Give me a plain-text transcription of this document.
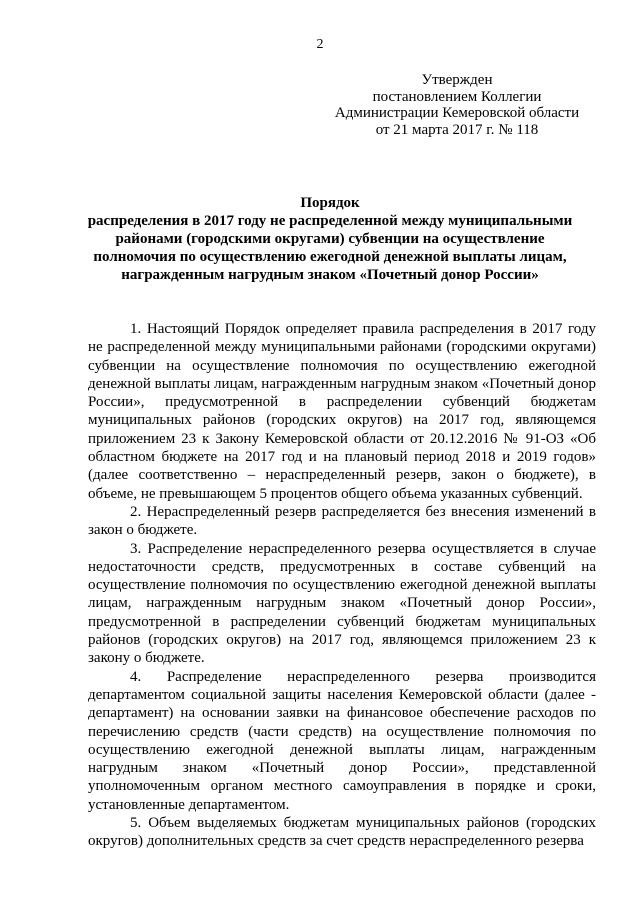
2
Утвержден
постановлением Коллегии
Администрации Кемеровской области
от 21 марта 2017 г. № 118
Порядок
распределения в 2017 году не распределенной между муниципальными
районами (городскими округами) субвенции на осуществление
полномочия по осуществлению ежегодной денежной выплаты лицам,
награжденным нагрудным знаком «Почетный донор России»

1. Настоящий Порядок определяет правила распределения в 2017 году не распределенной между муниципальными районами (городскими округами) субвенции на осуществление полномочия по осуществлению ежегодной денежной выплаты лицам, награжденным нагрудным знаком «Почетный донор России», предусмотренной в распределении субвенций бюджетам муниципальных районов (городских округов) на 2017 год, являющемся приложением 23 к Закону Кемеровской области от 20.12.2016 № 91-ОЗ «Об областном бюджете на 2017 год и на плановый период 2018 и 2019 годов» (далее соответственно – нераспределенный резерв, закон о бюджете), в объеме, не превышающем 5 процентов общего объема указанных субвенций.

2. Нераспределенный резерв распределяется без внесения изменений в закон о бюджете.

3. Распределение нераспределенного резерва осуществляется в случае недостаточности средств, предусмотренных в составе субвенций на осуществление полномочия по осуществлению ежегодной денежной выплаты лицам, награжденным нагрудным знаком «Почетный донор России», предусмотренной в распределении субвенций бюджетам муниципальных районов (городских округов) на 2017 год, являющемся приложением 23 к закону о бюджете.

4. Распределение нераспределенного резерва производится департаментом социальной защиты населения Кемеровской области (далее - департамент) на основании заявки на финансовое обеспечение расходов по перечислению средств (части средств) на осуществление полномочия по осуществлению ежегодной денежной выплаты лицам, награжденным нагрудным знаком «Почетный донор России», представленной уполномоченным органом местного самоуправления в порядке и сроки, установленные департаментом.

5. Объем выделяемых бюджетам муниципальных районов (городских округов) дополнительных средств за счет средств нераспределенного резерва
